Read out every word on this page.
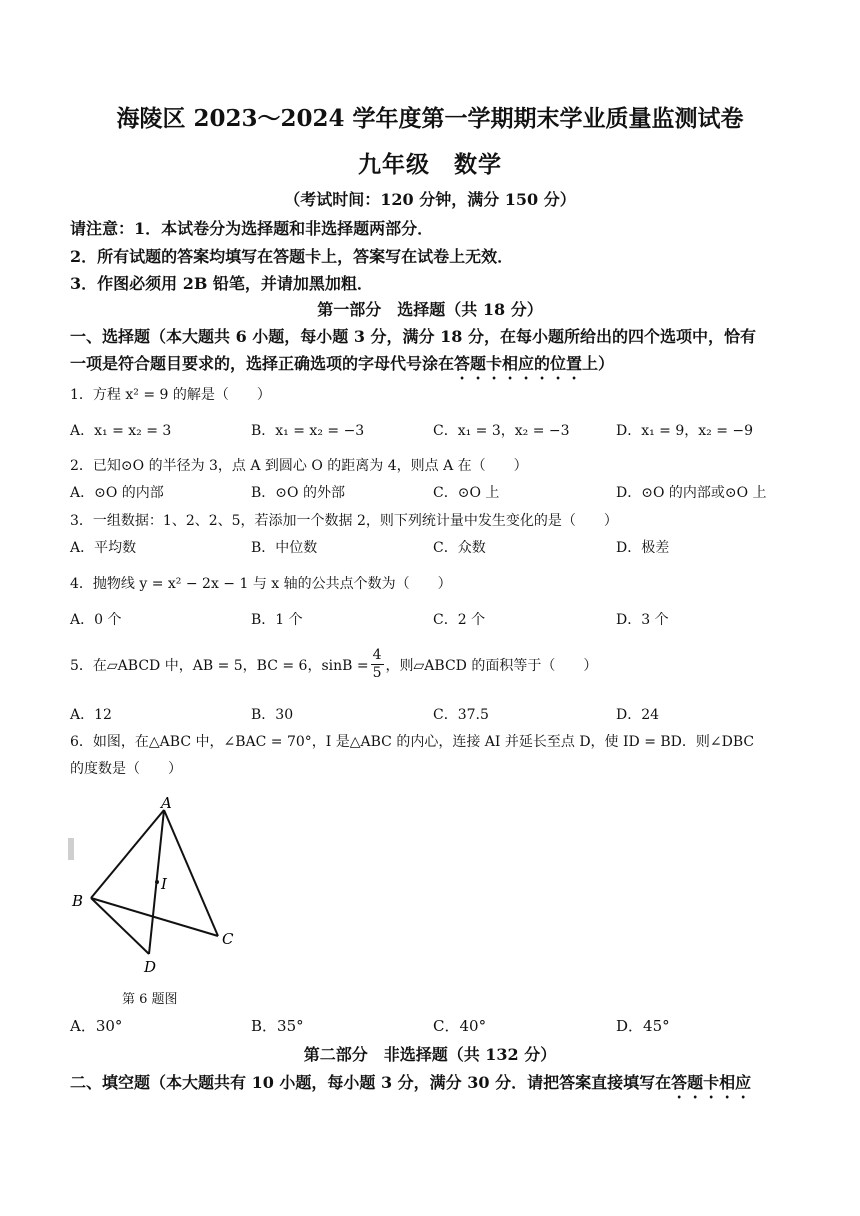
海陵区 2023～2024 学年度第一学期期末学业质量监测试卷
九年级　数学
（考试时间：120 分钟，满分 150 分）
请注意：1．本试卷分为选择题和非选择题两部分．
2．所有试题的答案均填写在答题卡上，答案写在试卷上无效．
3．作图必须用 2B 铅笔，并请加黑加粗．
第一部分　选择题（共 18 分）
一、选择题（本大题共 6 小题，每小题 3 分，满分 18 分，在每小题所给出的四个选项中，恰有
一项是符合题目要求的，选择正确选项的字母代号涂在答题卡相应的位置上）
1．方程 x² = 9 的解是（　　）
A．x₁ = x₂ = 3	B．x₁ = x₂ = −3	C．x₁ = 3，x₂ = −3	D．x₁ = 9，x₂ = −9
2．已知⊙O 的半径为 3，点 A 到圆心 O 的距离为 4，则点 A 在（　　）
A．⊙O 的内部	B．⊙O 的外部	C．⊙O 上	D．⊙O 的内部或⊙O 上
3．一组数据：1、2、2、5，若添加一个数据 2，则下列统计量中发生变化的是（　　）
A．平均数	B．中位数	C．众数	D．极差
4．抛物线 y = x² − 2x − 1 与 x 轴的公共点个数为（　　）
A．0 个	B．1 个	C．2 个	D．3 个
5．在▱ABCD 中，AB = 5，BC = 6，$\sin B = \frac{4}{5}$ ，则▱ABCD 的面积等于（　　）
A．12	B．30	C．37.5	D．24
6．如图，在△ABC 中，∠BAC = 70°，I 是△ABC 的内心，连接 AI 并延长至点 D，使 ID = BD．则∠DBC
的度数是（　　）
A
B
C
D
I
第 6 题图
A．30°	B．35°	C．40°	D．45°
第二部分　非选择题（共 132 分）
二、填空题（本大题共有 10 小题，每小题 3 分，满分 30 分．请把答案直接填写在答题卡相应
